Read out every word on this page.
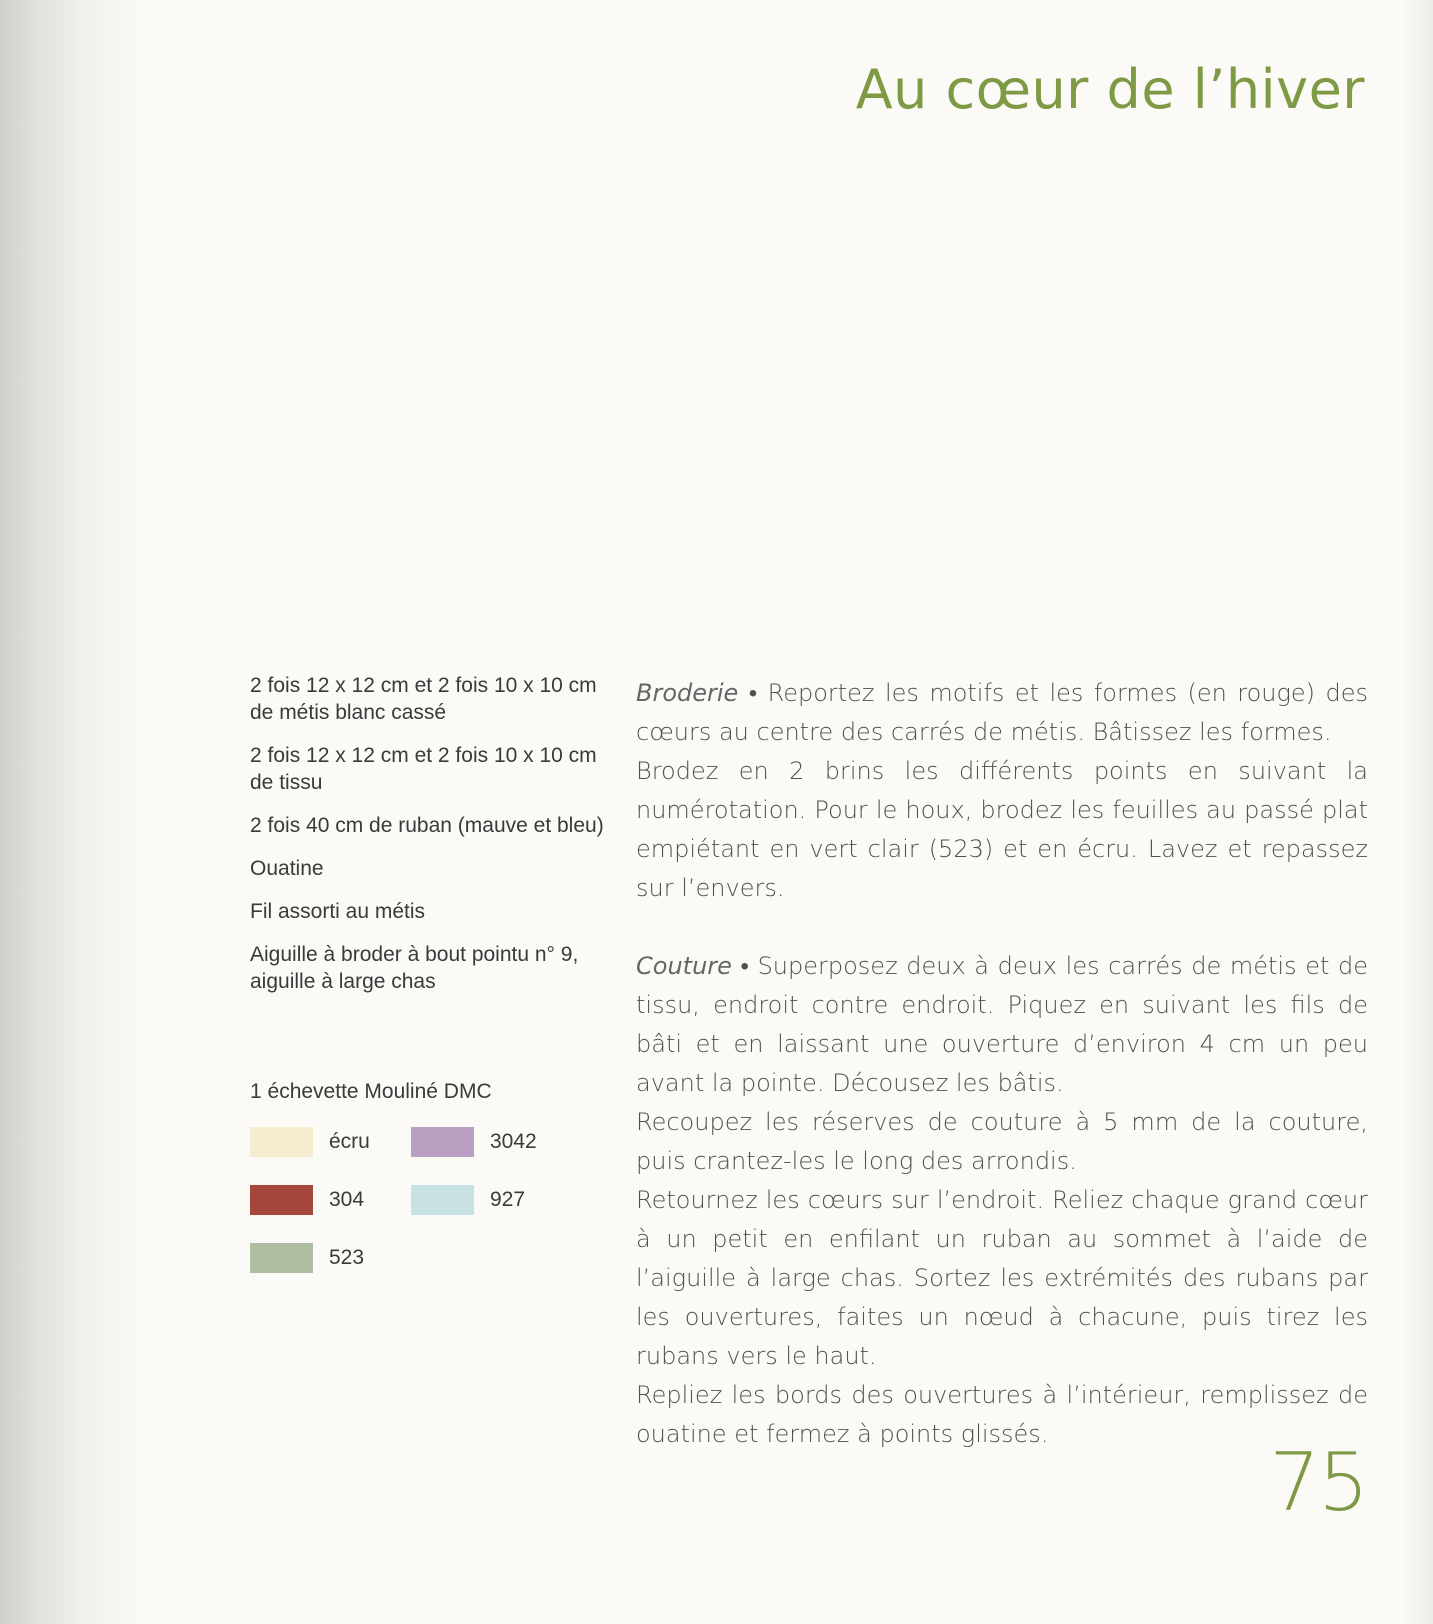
Au cœur de l’hiver

2 fois 12 x 12 cm et 2 fois 10 x 10 cm de métis blanc cassé

2 fois 12 x 12 cm et 2 fois 10 x 10 cm de tissu

2 fois 40 cm de ruban (mauve et bleu)

Ouatine

Fil assorti au métis

Aiguille à broder à bout pointu n° 9, aiguille à large chas

1 échevette Mouliné DMC
écru	3042
304	927
523

Broderie • Reportez les motifs et les formes (en rouge) des cœurs au centre des carrés de métis. Bâtissez les formes.

Brodez en 2 brins les différents points en suivant la numérotation. Pour le houx, brodez les feuilles au passé plat empiétant en vert clair (523) et en écru. Lavez et repassez sur l’envers.

Couture • Superposez deux à deux les carrés de métis et de tissu, endroit contre endroit. Piquez en suivant les fils de bâti et en laissant une ouverture d’environ 4 cm un peu avant la pointe. Décousez les bâtis.

Recoupez les réserves de couture à 5 mm de la couture, puis crantez-les le long des arrondis.

Retournez les cœurs sur l’endroit. Reliez chaque grand cœur à un petit en enfilant un ruban au sommet à l’aide de l’aiguille à large chas. Sortez les extrémités des rubans par les ouvertures, faites un nœud à chacune, puis tirez les rubans vers le haut.

Repliez les bords des ouvertures à l’intérieur, remplissez de ouatine et fermez à points glissés.

75
